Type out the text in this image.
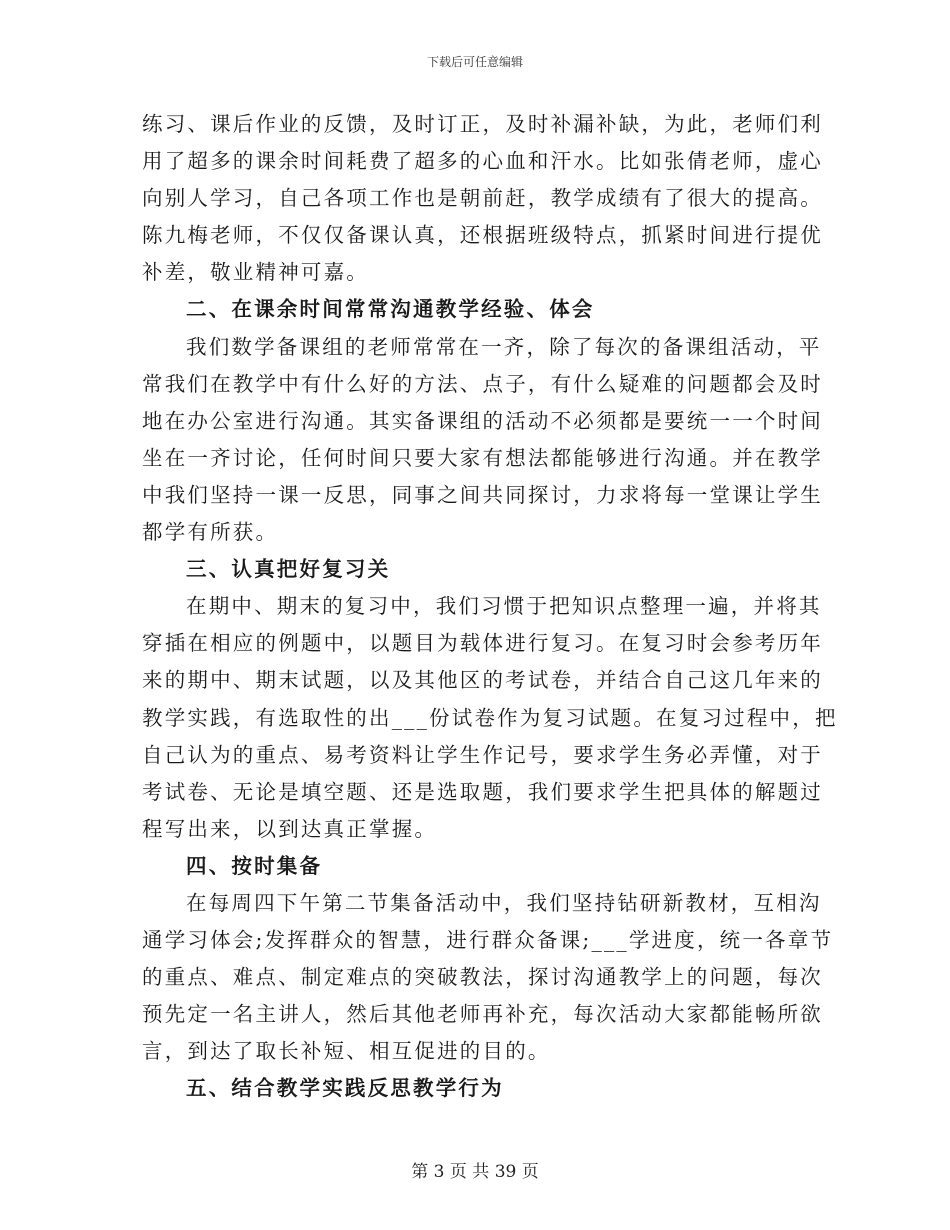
下载后可任意编辑
练习、课后作业的反馈，及时订正，及时补漏补缺，为此，老师们利
用了超多的课余时间耗费了超多的心血和汗水。比如张倩老师，虚心
向别人学习，自己各项工作也是朝前赶，教学成绩有了很大的提高。
陈九梅老师，不仅仅备课认真，还根据班级特点，抓紧时间进行提优
补差，敬业精神可嘉。
二、在课余时间常常沟通教学经验、体会
我们数学备课组的老师常常在一齐，除了每次的备课组活动，平
常我们在教学中有什么好的方法、点子，有什么疑难的问题都会及时
地在办公室进行沟通。其实备课组的活动不必须都是要统一一个时间
坐在一齐讨论，任何时间只要大家有想法都能够进行沟通。并在教学
中我们坚持一课一反思，同事之间共同探讨，力求将每一堂课让学生
都学有所获。
三、认真把好复习关
在期中、期末的复习中，我们习惯于把知识点整理一遍，并将其
穿插在相应的例题中，以题目为载体进行复习。在复习时会参考历年
来的期中、期末试题，以及其他区的考试卷，并结合自己这几年来的
教学实践，有选取性的出___份试卷作为复习试题。在复习过程中，把
自己认为的重点、易考资料让学生作记号，要求学生务必弄懂，对于
考试卷、无论是填空题、还是选取题，我们要求学生把具体的解题过
程写出来，以到达真正掌握。
四、按时集备
在每周四下午第二节集备活动中，我们坚持钻研新教材，互相沟
通学习体会;发挥群众的智慧，进行群众备课;___学进度，统一各章节
的重点、难点、制定难点的突破教法，探讨沟通教学上的问题，每次
预先定一名主讲人，然后其他老师再补充，每次活动大家都能畅所欲
言，到达了取长补短、相互促进的目的。
五、结合教学实践反思教学行为
第 3 页 共 39 页
